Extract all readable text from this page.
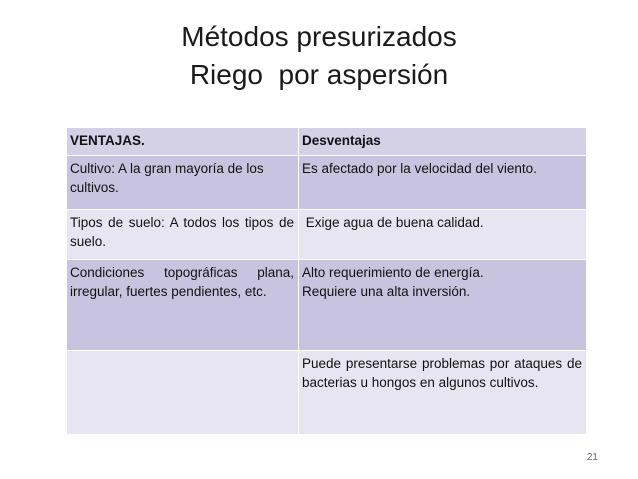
Métodos presurizados
Riego  por aspersión
VENTAJAS.	Desventajas
Cultivo: A la gran mayoría de los cultivos.	Es afectado por la velocidad del viento.
Tipos de suelo: A todos los tipos de suelo.	Exige agua de buena calidad.
Condiciones topográficas plana, irregular, fuertes pendientes, etc.	Alto requerimiento de energía.
Requiere una alta inversión.
	Puede presentarse problemas por ataques de bacterias u hongos en algunos cultivos.
21
